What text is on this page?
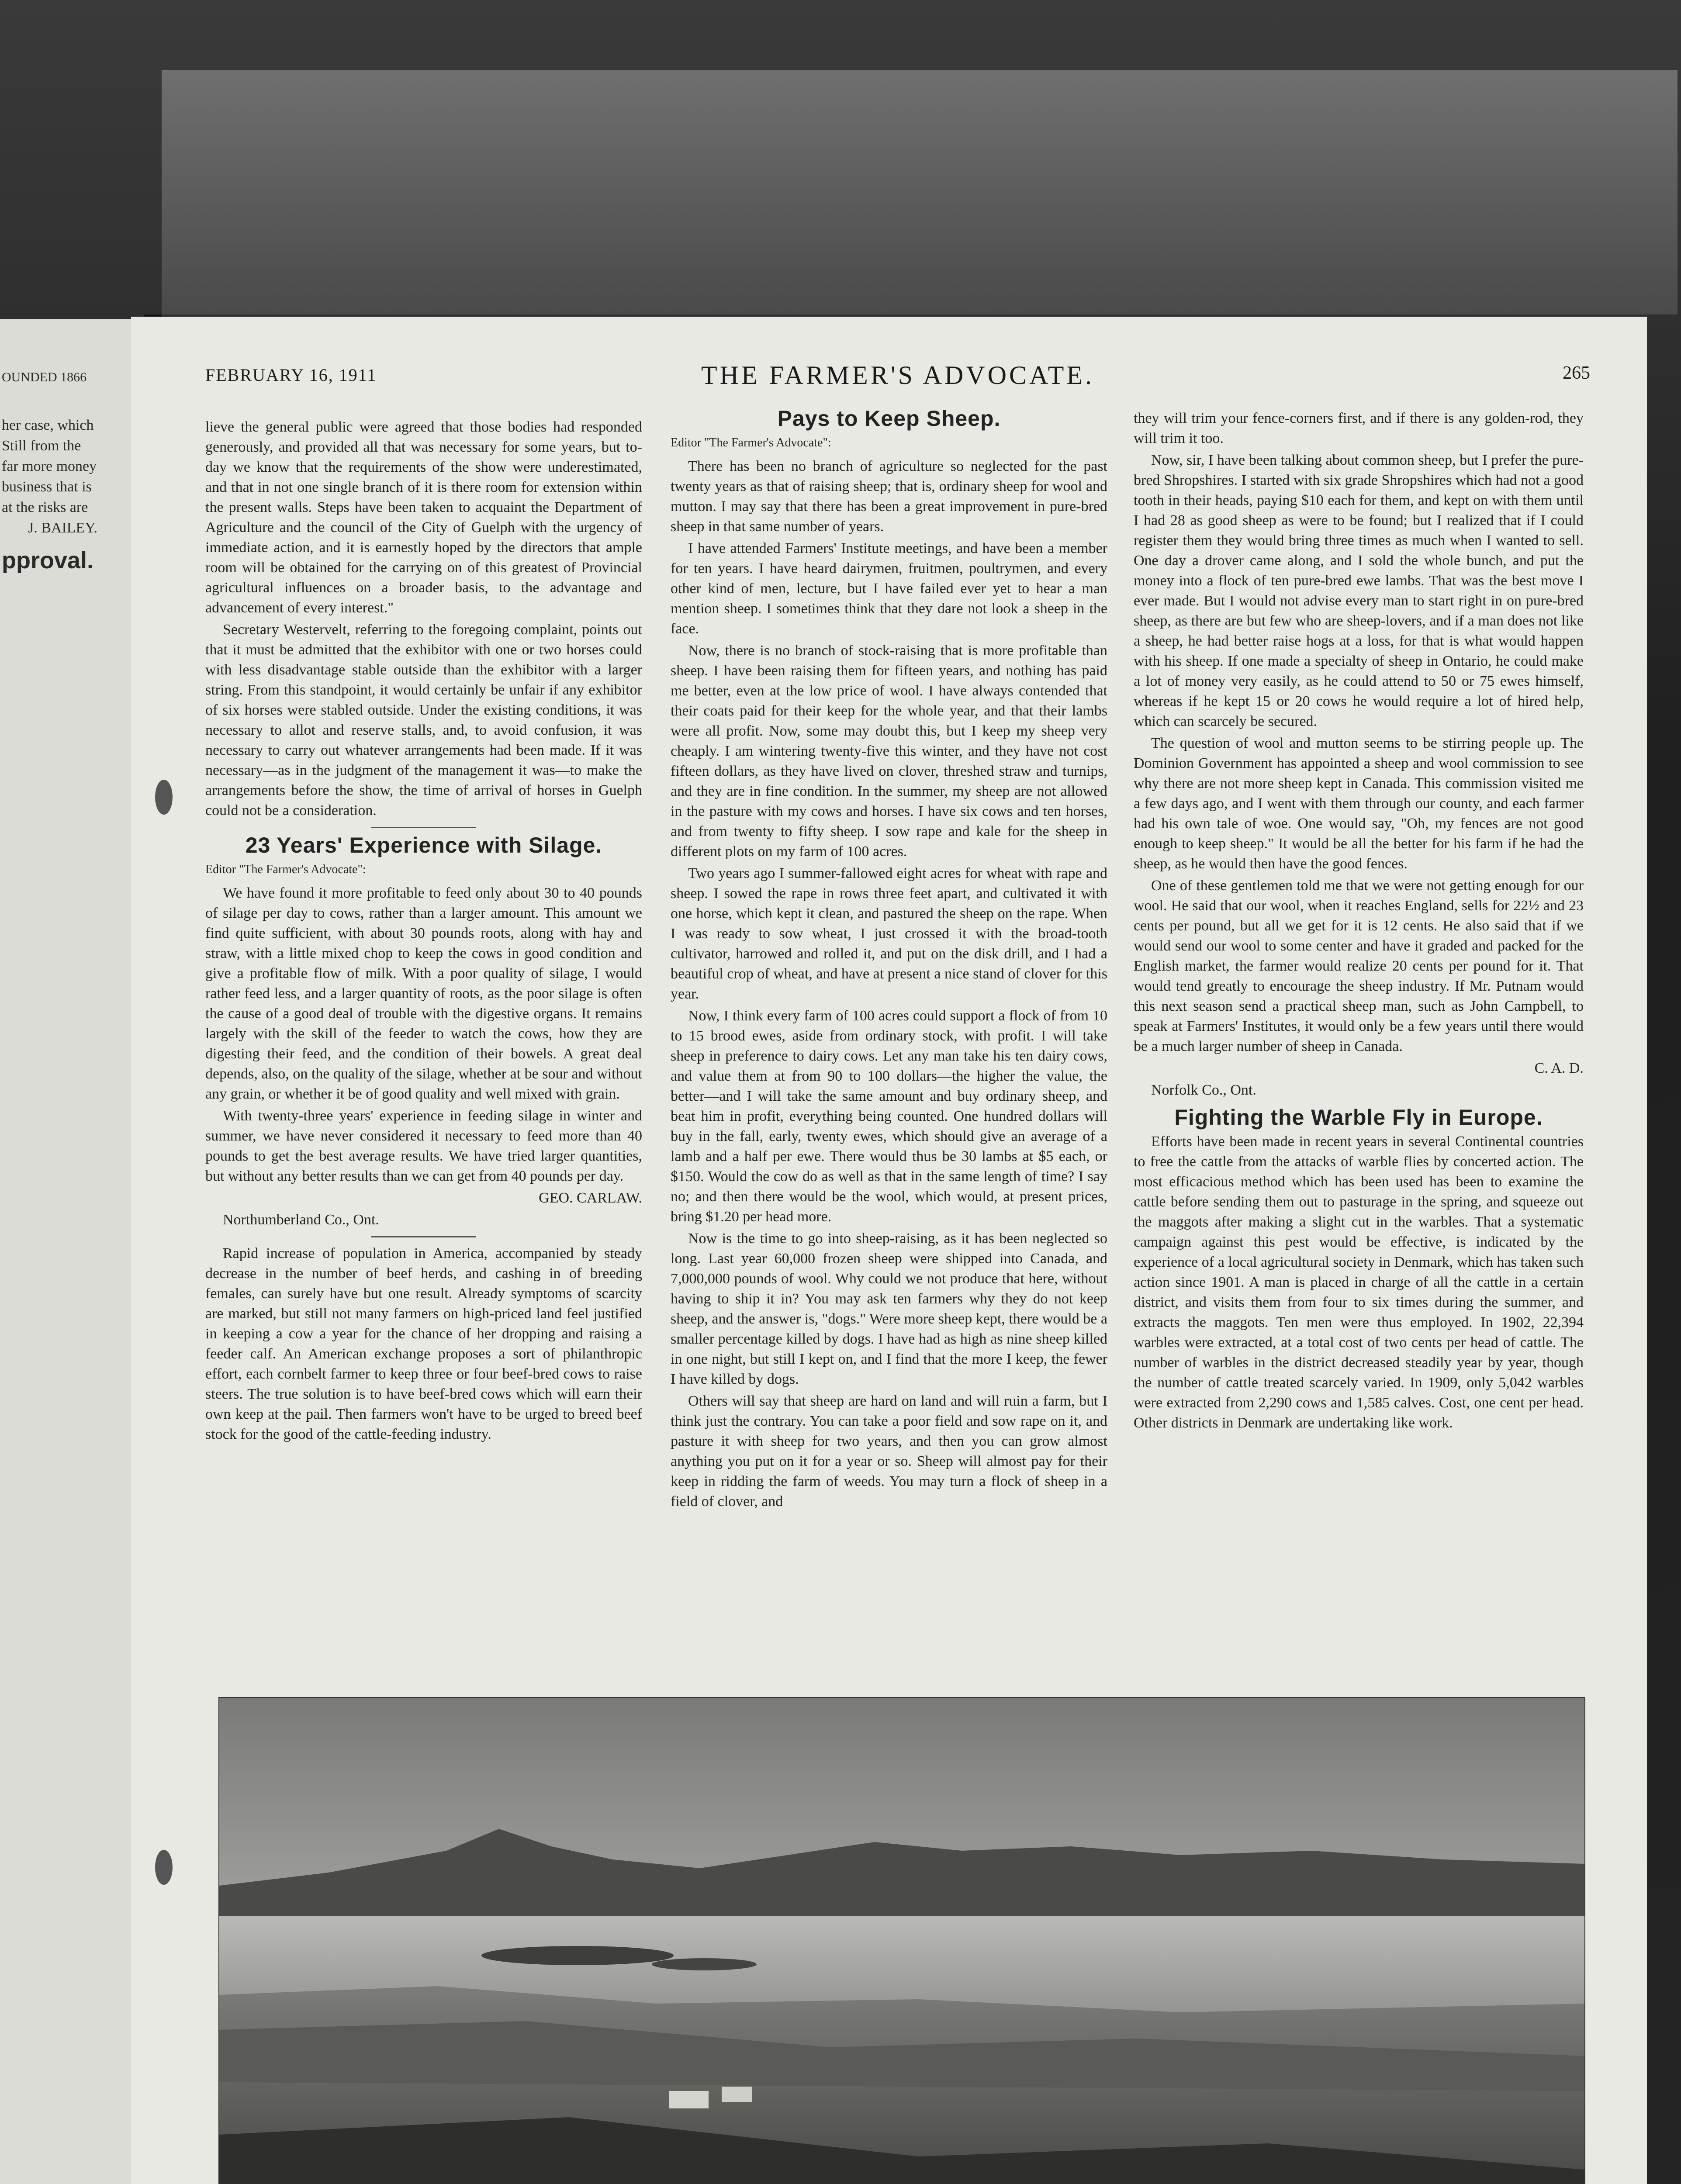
OUNDED 1866

her case, which

Still from the

far more money

business that is

at the risks are

J. BAILEY.

pproval.

FEBRUARY 16, 1911	THE FARMER'S ADVOCATE.	265

lieve the general public were agreed that those bodies had responded generously, and provided all that was necessary for some years, but to-day we know that the requirements of the show were underestimated, and that in not one single branch of it is there room for extension within the present walls. Steps have been taken to acquaint the Department of Agriculture and the council of the City of Guelph with the urgency of immediate action, and it is earnestly hoped by the directors that ample room will be obtained for the carrying on of this greatest of Provincial agricultural influences on a broader basis, to the advantage and advancement of every interest."

Secretary Westervelt, referring to the foregoing complaint, points out that it must be admitted that the exhibitor with one or two horses could with less disadvantage stable outside than the exhibitor with a larger string. From this standpoint, it would certainly be unfair if any exhibitor of six horses were stabled outside. Under the existing conditions, it was necessary to allot and reserve stalls, and, to avoid confusion, it was necessary to carry out whatever arrangements had been made. If it was necessary—as in the judgment of the management it was—to make the arrangements before the show, the time of arrival of horses in Guelph could not be a consideration.

23 Years' Experience with Silage.

Editor "The Farmer's Advocate":

We have found it more profitable to feed only about 30 to 40 pounds of silage per day to cows, rather than a larger amount. This amount we find quite sufficient, with about 30 pounds roots, along with hay and straw, with a little mixed chop to keep the cows in good condition and give a profitable flow of milk. With a poor quality of silage, I would rather feed less, and a larger quantity of roots, as the poor silage is often the cause of a good deal of trouble with the digestive organs. It remains largely with the skill of the feeder to watch the cows, how they are digesting their feed, and the condition of their bowels. A great deal depends, also, on the quality of the silage, whether at be sour and without any grain, or whether it be of good quality and well mixed with grain.

With twenty-three years' experience in feeding silage in winter and summer, we have never considered it necessary to feed more than 40 pounds to get the best average results. We have tried larger quantities, but without any better results than we can get from 40 pounds per day.

GEO. CARLAW.

Northumberland Co., Ont.

Rapid increase of population in America, accompanied by steady decrease in the number of beef herds, and cashing in of breeding females, can surely have but one result. Already symptoms of scarcity are marked, but still not many farmers on high-priced land feel justified in keeping a cow a year for the chance of her dropping and raising a feeder calf. An American exchange proposes a sort of philanthropic effort, each cornbelt farmer to keep three or four beef-bred cows to raise steers. The true solution is to have beef-bred cows which will earn their own keep at the pail. Then farmers won't have to be urged to breed beef stock for the good of the cattle-feeding industry.

Pays to Keep Sheep.

Editor "The Farmer's Advocate":

There has been no branch of agriculture so neglected for the past twenty years as that of raising sheep; that is, ordinary sheep for wool and mutton. I may say that there has been a great improvement in pure-bred sheep in that same number of years.

I have attended Farmers' Institute meetings, and have been a member for ten years. I have heard dairymen, fruitmen, poultrymen, and every other kind of men, lecture, but I have failed ever yet to hear a man mention sheep. I sometimes think that they dare not look a sheep in the face.

Now, there is no branch of stock-raising that is more profitable than sheep. I have been raising them for fifteen years, and nothing has paid me better, even at the low price of wool. I have always contended that their coats paid for their keep for the whole year, and that their lambs were all profit. Now, some may doubt this, but I keep my sheep very cheaply. I am wintering twenty-five this winter, and they have not cost fifteen dollars, as they have lived on clover, threshed straw and turnips, and they are in fine condition. In the summer, my sheep are not allowed in the pasture with my cows and horses. I have six cows and ten horses, and from twenty to fifty sheep. I sow rape and kale for the sheep in different plots on my farm of 100 acres.

Two years ago I summer-fallowed eight acres for wheat with rape and sheep. I sowed the rape in rows three feet apart, and cultivated it with one horse, which kept it clean, and pastured the sheep on the rape. When I was ready to sow wheat, I just crossed it with the broad-tooth cultivator, harrowed and rolled it, and put on the disk drill, and I had a beautiful crop of wheat, and have at present a nice stand of clover for this year.

Now, I think every farm of 100 acres could support a flock of from 10 to 15 brood ewes, aside from ordinary stock, with profit. I will take sheep in preference to dairy cows. Let any man take his ten dairy cows, and value them at from 90 to 100 dollars—the higher the value, the better—and I will take the same amount and buy ordinary sheep, and beat him in profit, everything being counted. One hundred dollars will buy in the fall, early, twenty ewes, which should give an average of a lamb and a half per ewe. There would thus be 30 lambs at $5 each, or $150. Would the cow do as well as that in the same length of time? I say no; and then there would be the wool, which would, at present prices, bring $1.20 per head more.

Now is the time to go into sheep-raising, as it has been neglected so long. Last year 60,000 frozen sheep were shipped into Canada, and 7,000,000 pounds of wool. Why could we not produce that here, without having to ship it in? You may ask ten farmers why they do not keep sheep, and the answer is, "dogs." Were more sheep kept, there would be a smaller percentage killed by dogs. I have had as high as nine sheep killed in one night, but still I kept on, and I find that the more I keep, the fewer I have killed by dogs.

Others will say that sheep are hard on land and will ruin a farm, but I think just the contrary. You can take a poor field and sow rape on it, and pasture it with sheep for two years, and then you can grow almost anything you put on it for a year or so. Sheep will almost pay for their keep in ridding the farm of weeds. You may turn a flock of sheep in a field of clover, and

they will trim your fence-corners first, and if there is any golden-rod, they will trim it too.

Now, sir, I have been talking about common sheep, but I prefer the pure-bred Shropshires. I started with six grade Shropshires which had not a good tooth in their heads, paying $10 each for them, and kept on with them until I had 28 as good sheep as were to be found; but I realized that if I could register them they would bring three times as much when I wanted to sell. One day a drover came along, and I sold the whole bunch, and put the money into a flock of ten pure-bred ewe lambs. That was the best move I ever made. But I would not advise every man to start right in on pure-bred sheep, as there are but few who are sheep-lovers, and if a man does not like a sheep, he had better raise hogs at a loss, for that is what would happen with his sheep. If one made a specialty of sheep in Ontario, he could make a lot of money very easily, as he could attend to 50 or 75 ewes himself, whereas if he kept 15 or 20 cows he would require a lot of hired help, which can scarcely be secured.

The question of wool and mutton seems to be stirring people up. The Dominion Government has appointed a sheep and wool commission to see why there are not more sheep kept in Canada. This commission visited me a few days ago, and I went with them through our county, and each farmer had his own tale of woe. One would say, "Oh, my fences are not good enough to keep sheep." It would be all the better for his farm if he had the sheep, as he would then have the good fences.

One of these gentlemen told me that we were not getting enough for our wool. He said that our wool, when it reaches England, sells for 22½ and 23 cents per pound, but all we get for it is 12 cents. He also said that if we would send our wool to some center and have it graded and packed for the English market, the farmer would realize 20 cents per pound for it. That would tend greatly to encourage the sheep industry. If Mr. Putnam would this next season send a practical sheep man, such as John Campbell, to speak at Farmers' Institutes, it would only be a few years until there would be a much larger number of sheep in Canada.

C. A. D.

Norfolk Co., Ont.

Fighting the Warble Fly in Europe.

Efforts have been made in recent years in several Continental countries to free the cattle from the attacks of warble flies by concerted action. The most efficacious method which has been used has been to examine the cattle before sending them out to pasturage in the spring, and squeeze out the maggots after making a slight cut in the warbles. That a systematic campaign against this pest would be effective, is indicated by the experience of a local agricultural society in Denmark, which has taken such action since 1901. A man is placed in charge of all the cattle in a certain district, and visits them from four to six times during the summer, and extracts the maggots. Ten men were thus employed. In 1902, 22,394 warbles were extracted, at a total cost of two cents per head of cattle. The number of warbles in the district decreased steadily year by year, though the number of cattle treated scarcely varied. In 1909, only 5,042 warbles were extracted from 2,290 cows and 1,585 calves. Cost, one cent per head. Other districts in Denmark are undertaking like work.
